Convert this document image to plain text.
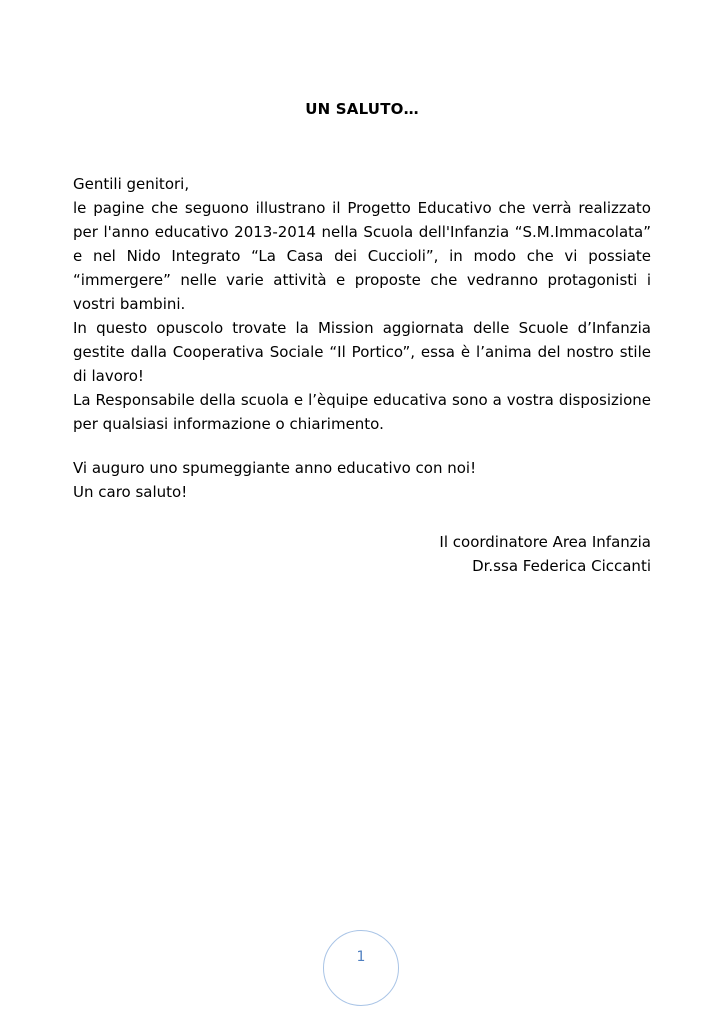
UN SALUTO…

Gentili genitori,

le pagine che seguono illustrano il Progetto Educativo che verrà realizzato per l'anno educativo 2013-2014 nella Scuola dell'Infanzia “S.M.Immacolata” e nel Nido Integrato “La Casa dei Cuccioli”, in modo che vi possiate “immergere” nelle varie attività e proposte che vedranno protagonisti i vostri bambini.

In questo opuscolo trovate la Mission aggiornata delle Scuole d’Infanzia gestite dalla Cooperativa Sociale “Il Portico”, essa è l’anima del nostro stile di lavoro!

La Responsabile della scuola e l’èquipe educativa sono a vostra disposizione per qualsiasi informazione o chiarimento.

Vi auguro uno spumeggiante anno educativo con noi!

Un caro saluto!

Il coordinatore Area Infanzia

Dr.ssa Federica Ciccanti

1
